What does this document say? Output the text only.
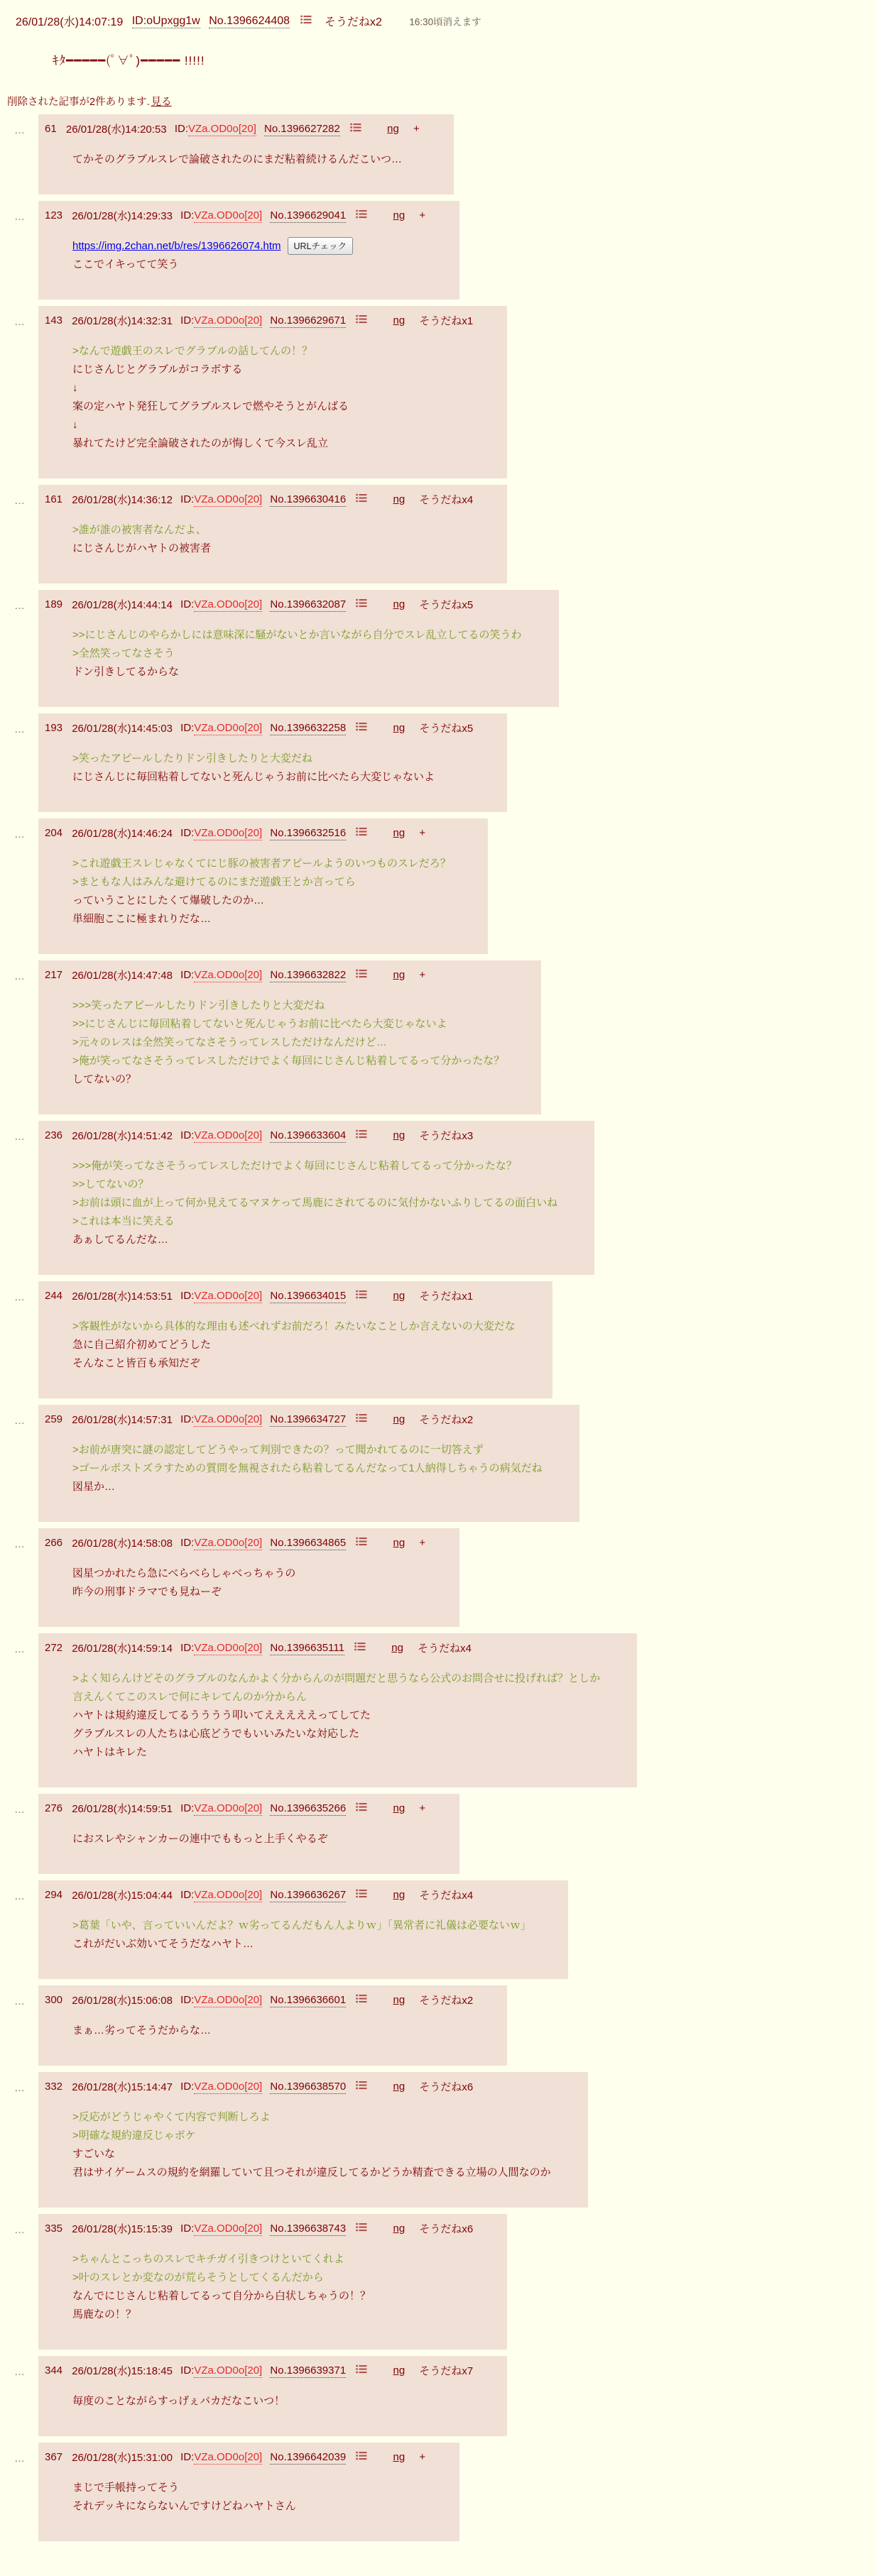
26/01/28(水)14:07:19 ID:oUpxgg1w No.1396624408	そうだねx2	16:30頃消えます
ｷﾀ━━━━━(ﾟ∀ﾟ)━━━━━ !!!!!
削除された記事が2件あります. 見る
…	61 26/01/28(水)14:20:53 ID:VZa.OD0o[20] No.1396627282	ng +
てかそのグラブルスレで論破されたのにまだ粘着続けるんだこいつ…
…	123 26/01/28(水)14:29:33 ID:VZa.OD0o[20] No.1396629041	ng +
https://img.2chan.net/b/res/1396626074.htm URLチェック
ここでイキってて笑う
…	143 26/01/28(水)14:32:31 ID:VZa.OD0o[20] No.1396629671	ng そうだねx1
>なんで遊戯王のスレでグラブルの話してんの！？
にじさんじとグラブルがコラボする
↓
案の定ハヤト発狂してグラブルスレで燃やそうとがんばる
↓
暴れてたけど完全論破されたのが悔しくて今スレ乱立
…	161 26/01/28(水)14:36:12 ID:VZa.OD0o[20] No.1396630416	ng そうだねx4
>誰が誰の被害者なんだよ、
にじさんじがハヤトの被害者
…	189 26/01/28(水)14:44:14 ID:VZa.OD0o[20] No.1396632087	ng そうだねx5
>>にじさんじのやらかしには意味深に騒がないとか言いながら自分でスレ乱立してるの笑うわ
>全然笑ってなさそう
ドン引きしてるからな
…	193 26/01/28(水)14:45:03 ID:VZa.OD0o[20] No.1396632258	ng そうだねx5
>笑ったアピールしたりドン引きしたりと大変だね
にじさんじに毎回粘着してないと死んじゃうお前に比べたら大変じゃないよ
…	204 26/01/28(水)14:46:24 ID:VZa.OD0o[20] No.1396632516	ng +
>これ遊戯王スレじゃなくてにじ豚の被害者アピールようのいつものスレだろ？
>まともな人はみんな避けてるのにまだ遊戯王とか言ってら
っていうことにしたくて爆破したのか…
単細胞ここに極まれりだな…
…	217 26/01/28(水)14:47:48 ID:VZa.OD0o[20] No.1396632822	ng +
>>>笑ったアピールしたりドン引きしたりと大変だね
>>にじさんじに毎回粘着してないと死んじゃうお前に比べたら大変じゃないよ
>元々のレスは全然笑ってなさそうってレスしただけなんだけど…
>俺が笑ってなさそうってレスしただけでよく毎回にじさんじ粘着してるって分かったな？
してないの？
…	236 26/01/28(水)14:51:42 ID:VZa.OD0o[20] No.1396633604	ng そうだねx3
>>>俺が笑ってなさそうってレスしただけでよく毎回にじさんじ粘着してるって分かったな？
>>してないの？
>お前は頭に血が上って何か見えてるマヌケって馬鹿にされてるのに気付かないふりしてるの面白いね
>これは本当に笑える
あぁしてるんだな…
…	244 26/01/28(水)14:53:51 ID:VZa.OD0o[20] No.1396634015	ng そうだねx1
>客観性がないから具体的な理由も述べれずお前だろ！みたいなことしか言えないの大変だな
急に自己紹介初めてどうした
そんなこと皆百も承知だぞ
…	259 26/01/28(水)14:57:31 ID:VZa.OD0o[20] No.1396634727	ng そうだねx2
>お前が唐突に謎の認定してどうやって判別できたの？って聞かれてるのに一切答えず
>ゴールポストズラすための質問を無視されたら粘着してるんだなって1人納得しちゃうの病気だね
図星か…
…	266 26/01/28(水)14:58:08 ID:VZa.OD0o[20] No.1396634865	ng +
図星つかれたら急にべらべらしゃべっちゃうの
昨今の刑事ドラマでも見ねーぞ
…	272 26/01/28(水)14:59:14 ID:VZa.OD0o[20] No.1396635111	ng そうだねx4
>よく知らんけどそのグラブルのなんかよく分からんのが問題だと思うなら公式のお問合せに投げれば？としか
言えんくてこのスレで何にキレてんのか分からん
ハヤトは規約違反してるうううう叩いてえええええってしてた
グラブルスレの人たちは心底どうでもいいみたいな対応した
ハヤトはキレた
…	276 26/01/28(水)14:59:51 ID:VZa.OD0o[20] No.1396635266	ng +
におスレやシャンカーの連中でももっと上手くやるぞ
…	294 26/01/28(水)15:04:44 ID:VZa.OD0o[20] No.1396636267	ng そうだねx4
>葛葉「いや、言っていいんだよ？ｗ劣ってるんだもん人よりｗ」「異常者に礼儀は必要ないｗ」
これがだいぶ効いてそうだなハヤト…
…	300 26/01/28(水)15:06:08 ID:VZa.OD0o[20] No.1396636601	ng そうだねx2
まぁ…劣ってそうだからな…
…	332 26/01/28(水)15:14:47 ID:VZa.OD0o[20] No.1396638570	ng そうだねx6
>反応がどうじゃやくて内容で判断しろよ
>明確な規約違反じゃボケ
すごいな
君はサイゲームスの規約を網羅していて且つそれが違反してるかどうか精査できる立場の人間なのか
…	335 26/01/28(水)15:15:39 ID:VZa.OD0o[20] No.1396638743	ng そうだねx6
>ちゃんとこっちのスレでキチガイ引きつけといてくれよ
>叶のスレとか変なのが荒らそうとしてくるんだから
なんでにじさんじ粘着してるって自分から白状しちゃうの！？
馬鹿なの！？
…	344 26/01/28(水)15:18:45 ID:VZa.OD0o[20] No.1396639371	ng そうだねx7
毎度のことながらすっげぇバカだなこいつ！
…	367 26/01/28(水)15:31:00 ID:VZa.OD0o[20] No.1396642039	ng +
まじで手帳持ってそう
それデッキにならないんですけどねハヤトさん
